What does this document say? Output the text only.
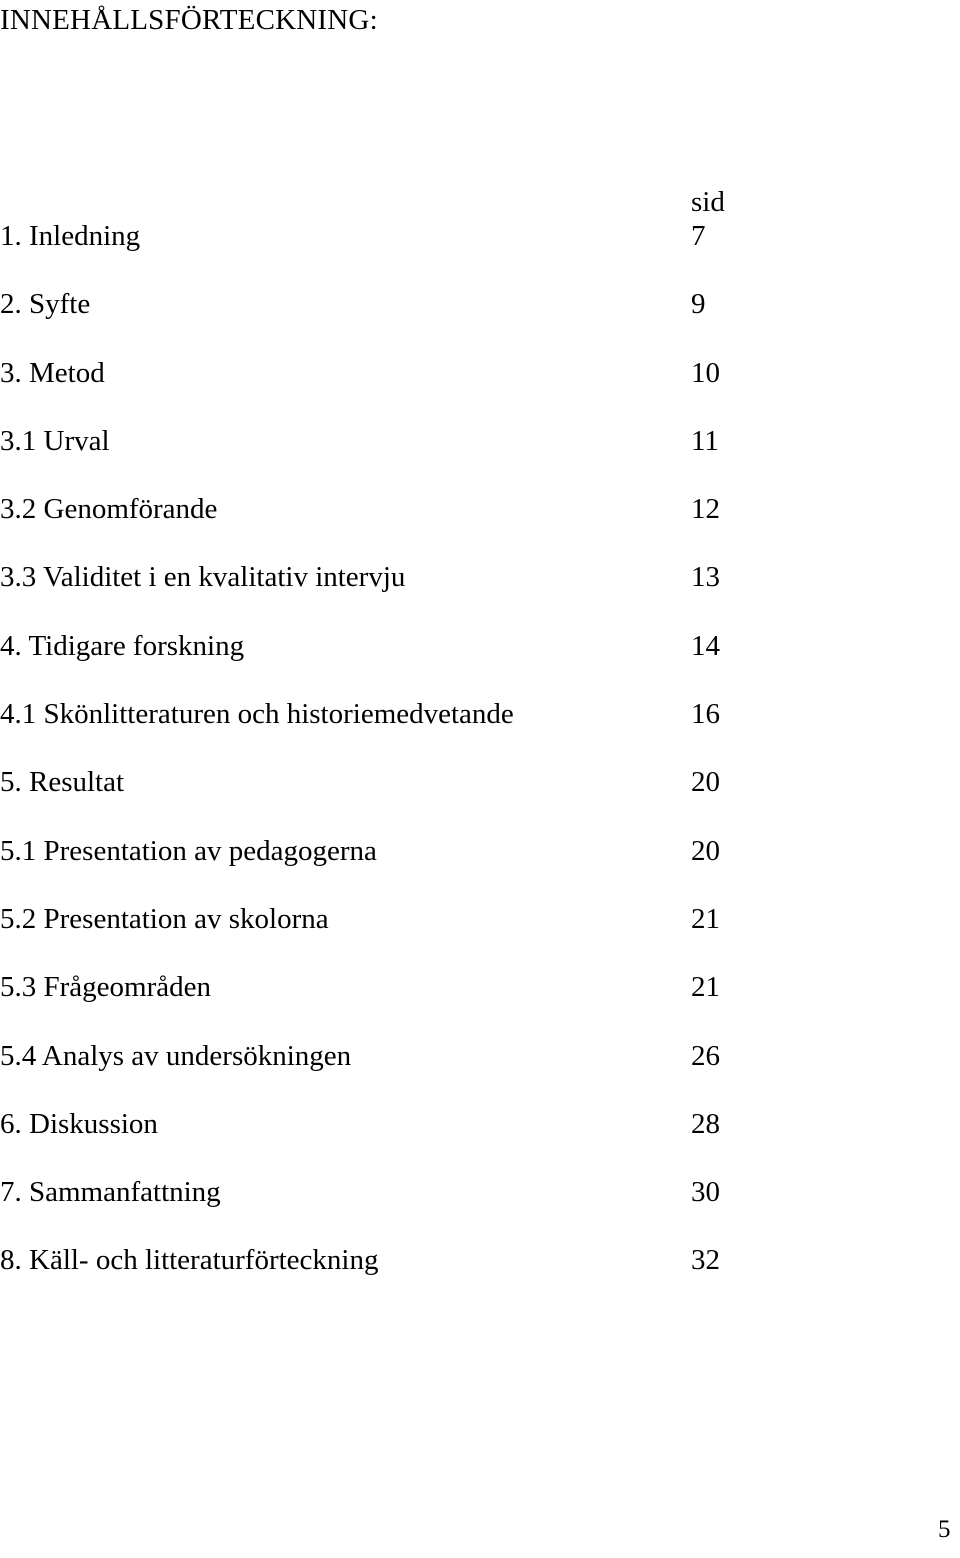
INNEHÅLLSFÖRTECKNING:
sid
1. Inledning	7
2. Syfte	9
3. Metod	10
3.1 Urval	11
3.2 Genomförande	12
3.3 Validitet i en kvalitativ intervju	13
4. Tidigare forskning	14
4.1 Skönlitteraturen och historiemedvetande	16
5. Resultat	20
5.1 Presentation av pedagogerna	20
5.2 Presentation av skolorna	21
5.3 Frågeområden	21
5.4 Analys av undersökningen	26
6. Diskussion	28
7. Sammanfattning	30
8. Käll- och litteraturförteckning	32
5
